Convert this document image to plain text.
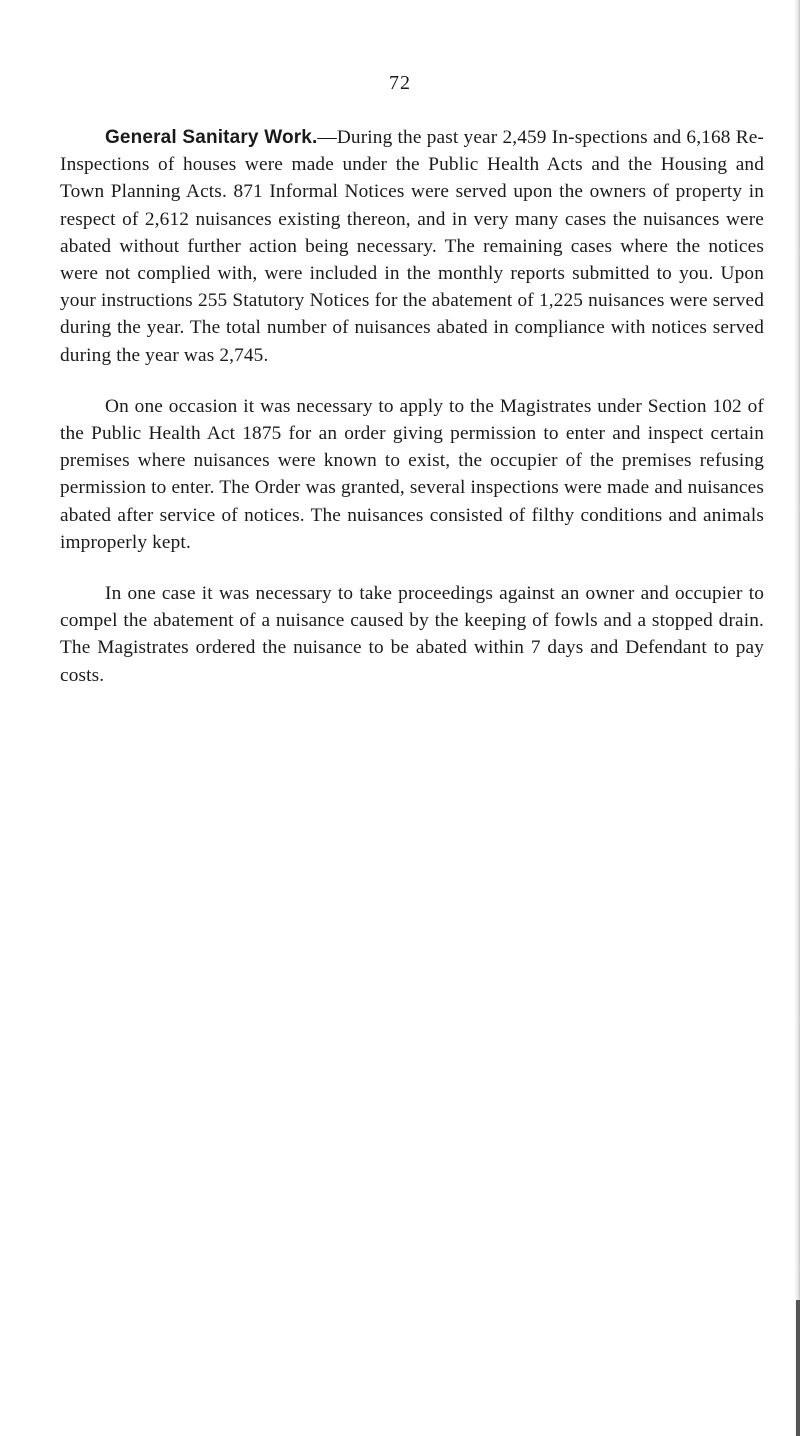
72

General Sanitary Work.—During the past year 2,459 In-spections and 6,168 Re-Inspections of houses were made under the Public Health Acts and the Housing and Town Planning Acts. 871 Informal Notices were served upon the owners of property in respect of 2,612 nuisances existing thereon, and in very many cases the nuisances were abated without further action being necessary. The remaining cases where the notices were not complied with, were included in the monthly reports submitted to you. Upon your instructions 255 Statutory Notices for the abatement of 1,225 nuisances were served during the year. The total number of nuisances abated in compliance with notices served during the year was 2,745.

On one occasion it was necessary to apply to the Magistrates under Section 102 of the Public Health Act 1875 for an order giving permission to enter and inspect certain premises where nuisances were known to exist, the occupier of the premises refusing permission to enter. The Order was granted, several inspections were made and nuisances abated after service of notices. The nuisances consisted of filthy conditions and animals improperly kept.

In one case it was necessary to take proceedings against an owner and occupier to compel the abatement of a nuisance caused by the keeping of fowls and a stopped drain. The Magistrates ordered the nuisance to be abated within 7 days and Defendant to pay costs.
